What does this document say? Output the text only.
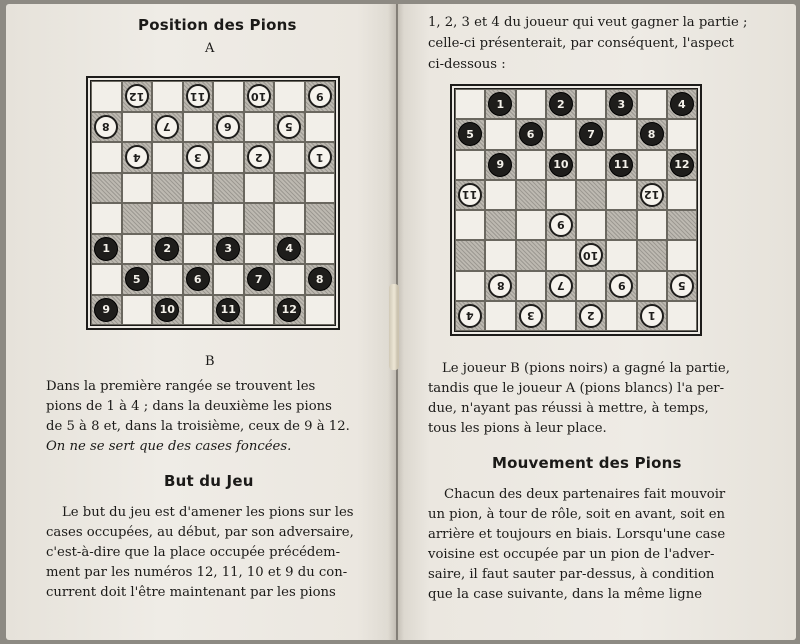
Position des Pions
A
12	11	10	9
8	7	6	5
4	3	2	1
1	2	3	4
5	6	7	8
9	10	11	12
B
Dans la première rangée se trouvent les
pions de 1 à 4 ; dans la deuxième les pions
de 5 à 8 et, dans la troisième, ceux de 9 à 12.
On ne se sert que des cases foncées.
But du Jeu
Le but du jeu est d'amener les pions sur les
cases occupées, au début, par son adversaire,
c'est-à-dire que la place occupée précédem-
ment par les numéros 12, 11, 10 et 9 du con-
current doit l'être maintenant par les pions
1, 2, 3 et 4 du joueur qui veut gagner la partie ;
celle-ci présenterait, par conséquent, l'aspect
ci-dessous :
1	2	3	4
5	6	7	8
9	10	11	12
11	12
6
10
8	7	9	5
4	3	2	1
Le joueur B (pions noirs) a gagné la partie,
tandis que le joueur A (pions blancs) l'a per-
due, n'ayant pas réussi à mettre, à temps,
tous les pions à leur place.
Mouvement des Pions
Chacun des deux partenaires fait mouvoir
un pion, à tour de rôle, soit en avant, soit en
arrière et toujours en biais. Lorsqu'une case
voisine est occupée par un pion de l'adver-
saire, il faut sauter par-dessus, à condition
que la case suivante, dans la même ligne
